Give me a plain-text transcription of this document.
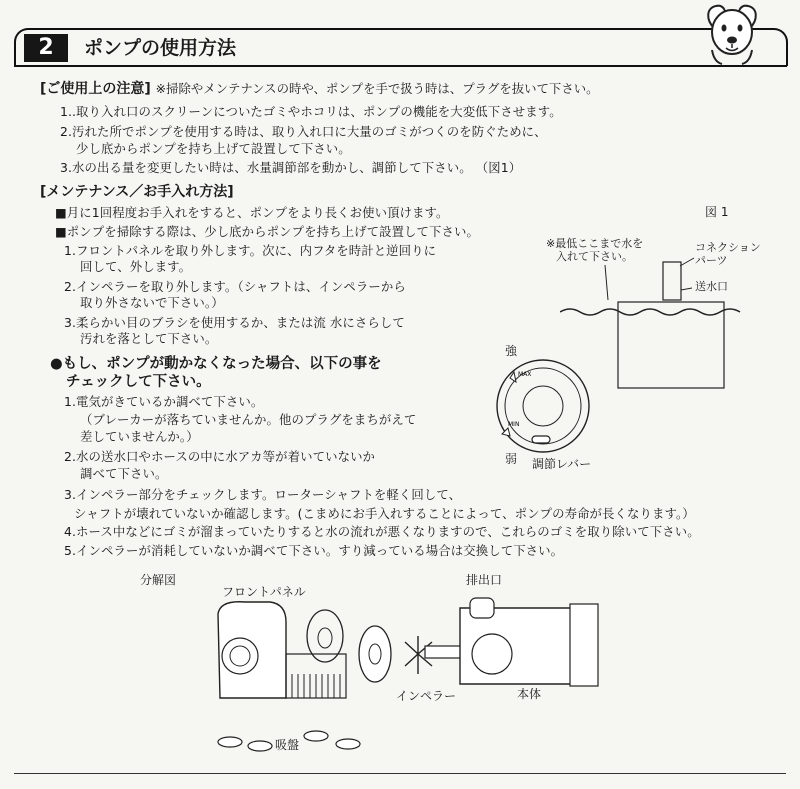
2	ポンプの使用方法
[ご使用上の注意] ※掃除やメンテナンスの時や、ポンプを手で扱う時は、プラグを抜いて下さい。
1..取り入れ口のスクリーンについたゴミやホコリは、ポンプの機能を大変低下させます。
2.汚れた所でポンプを使用する時は、取り入れ口に大量のゴミがつくのを防ぐために、
少し底からポンプを持ち上げて設置して下さい。
3.水の出る量を変更したい時は、水量調節部を動かし、調節して下さい。 （図1）
[メンテナンス／お手入れ方法]
■月に1回程度お手入れをすると、ポンプをより長くお使い頂けます。
■ポンプを掃除する際は、少し底からポンプを持ち上げて設置して下さい。
1.フロントパネルを取り外します。次に、内フタを時計と逆回りに
回して、外します。
2.インペラーを取り外します。（シャフトは、インペラーから
取り外さないで下さい。）
3.柔らかい目のブラシを使用するか、または流 水にさらして
汚れを落として下さい。
●もし、ポンプが動かなくなった場合、以下の事を
チェックして下さい。
1.電気がきているか調べて下さい。
（ブレーカーが落ちていませんか。他のプラグをまちがえて
差していませんか。）
2.水の送水口やホースの中に水アカ等が着いていないか
調べて下さい。
3.インペラー部分をチェックします。ローターシャフトを軽く回して、
シャフトが壊れていないか確認します。(こまめにお手入れすることによって、ポンプの寿命が長くなります。）
4.ホース中などにゴミが溜まっていたりすると水の流れが悪くなりますので、これらのゴミを取り除いて下さい。
5.インペラーが消耗していないか調べて下さい。すり減っている場合は交換して下さい。
図 1
※最低ここまで水を
入れて下さい。
コネクション
パーツ
送水口
強
弱 調節レバー
MAX
MIN
分解図
フロントパネル
排出口
インペラー	本体
吸盤
